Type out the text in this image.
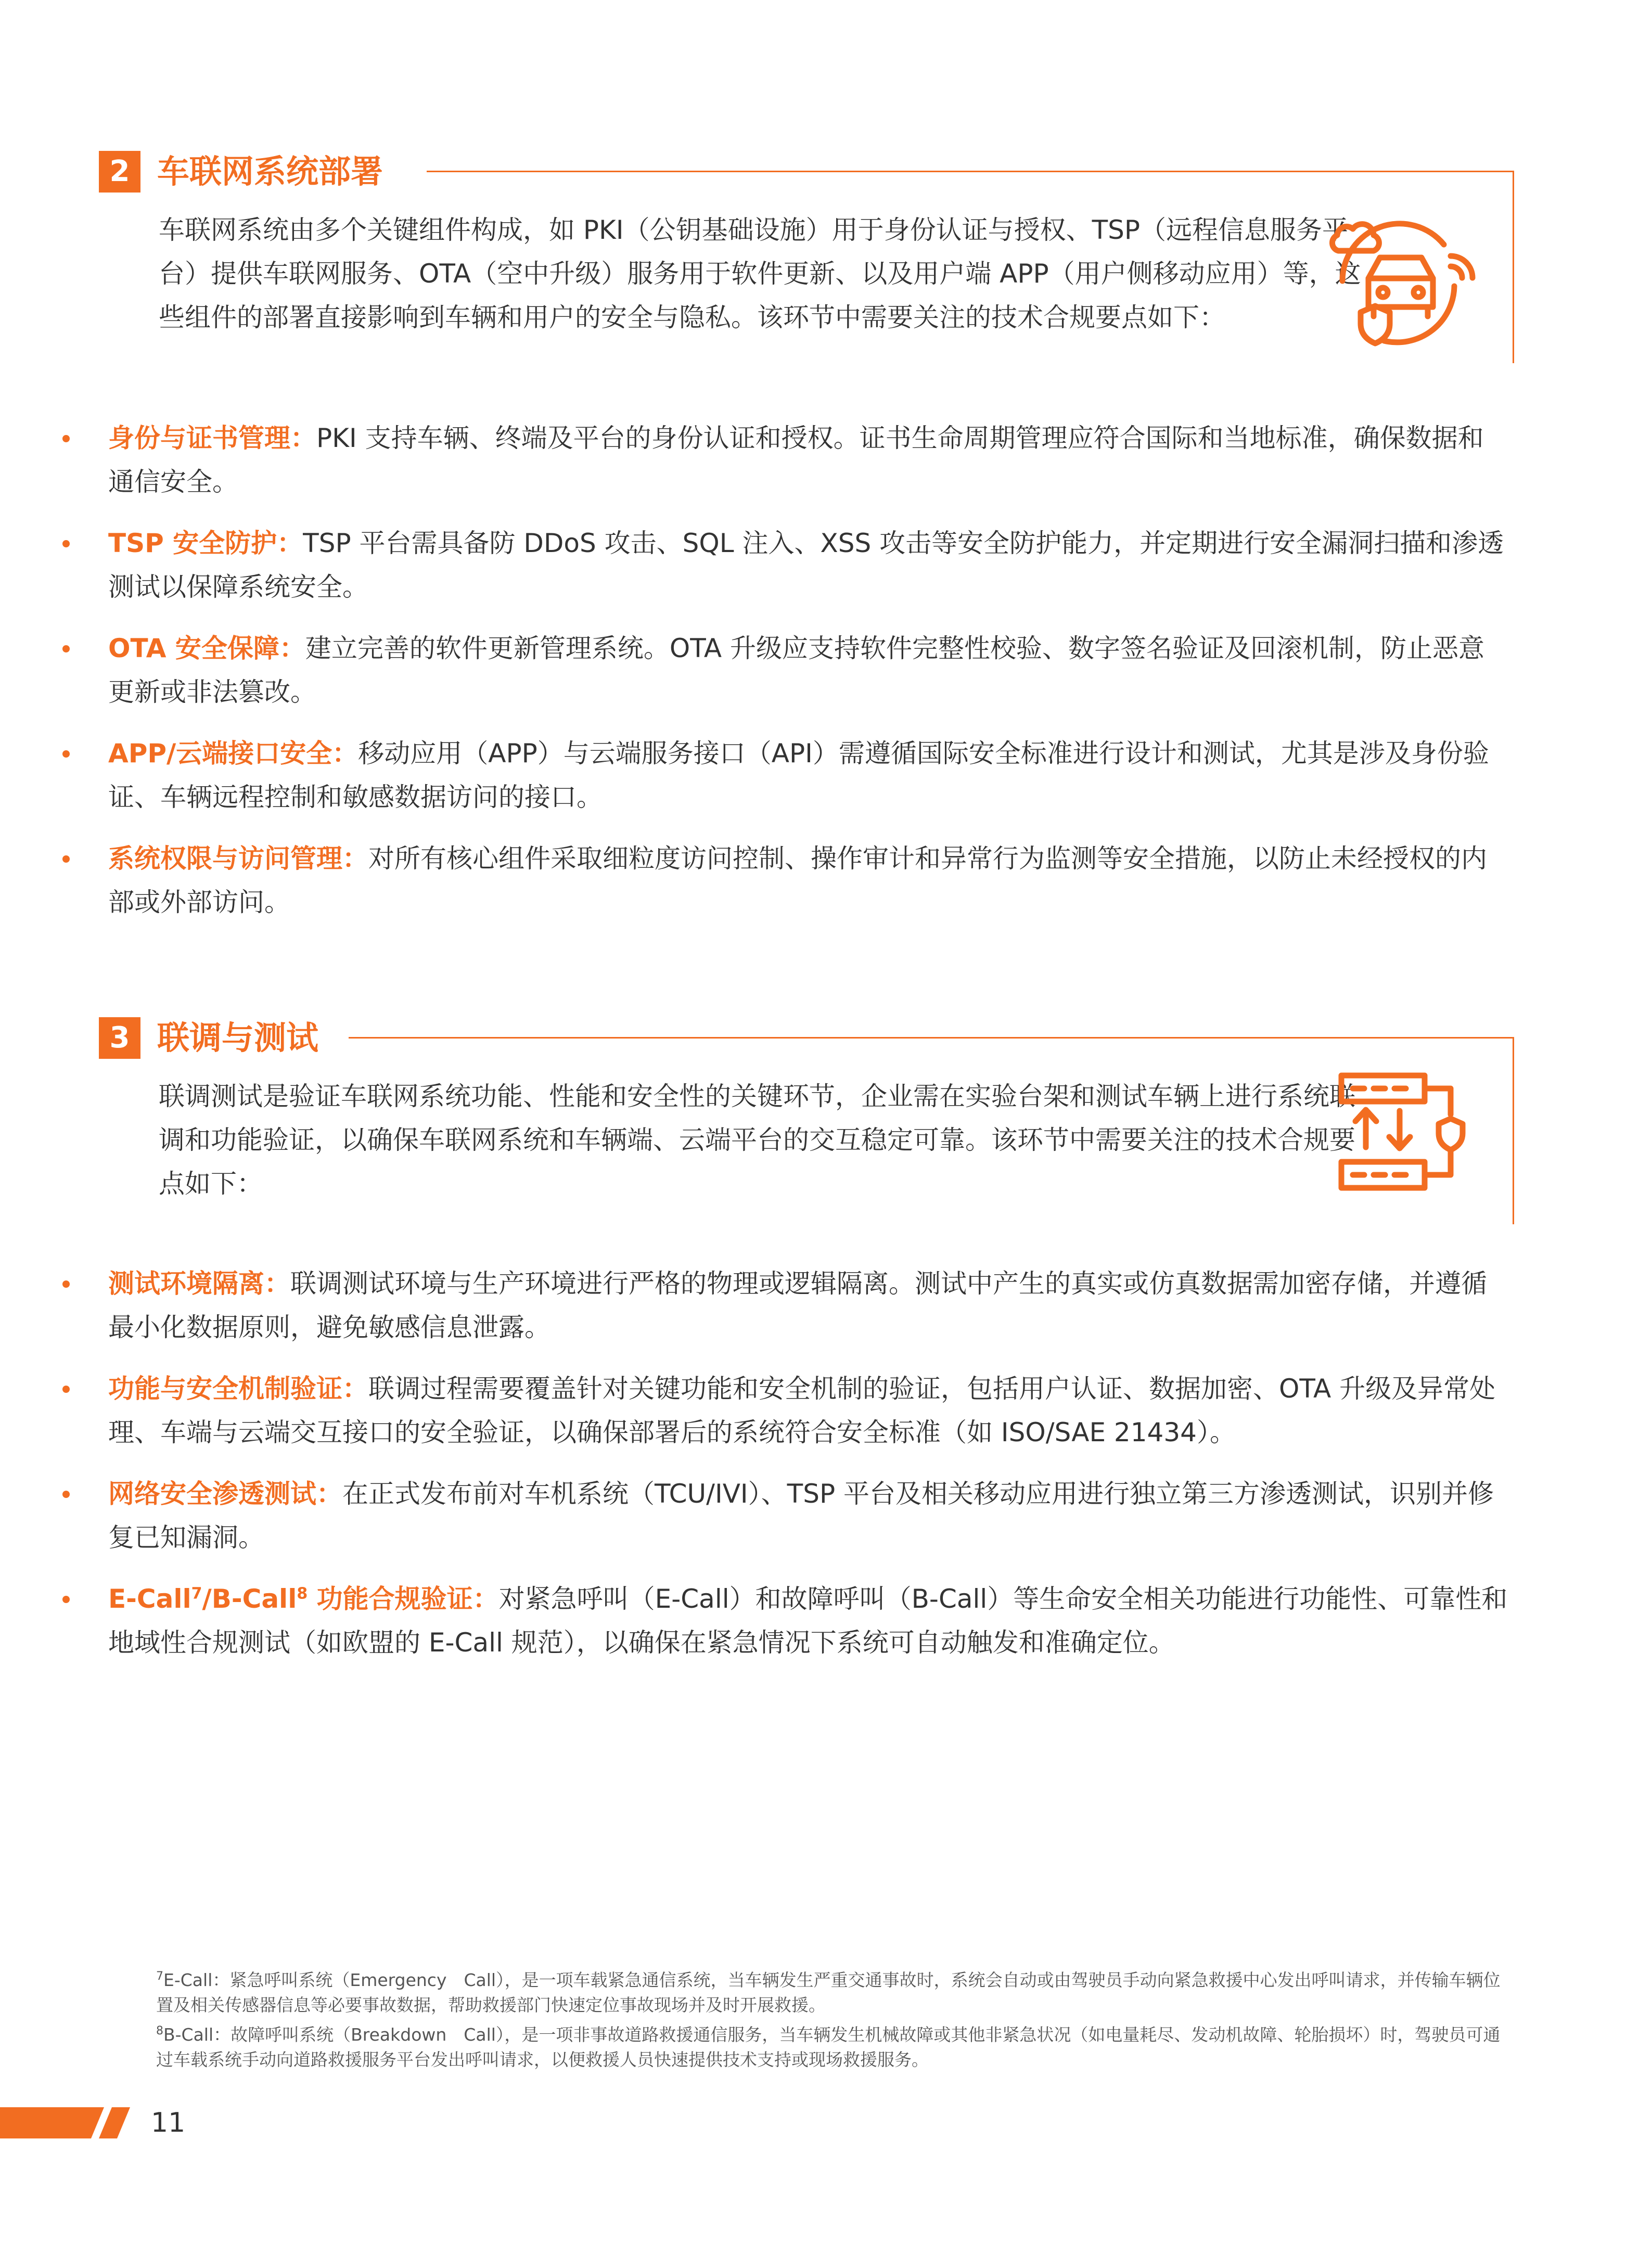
2 车联网系统部署
车联网系统由多个关键组件构成，如 PKI（公钥基础设施）用于身份认证与授权、TSP（远程信息服务平台）提供车联网服务、OTA（空中升级）服务用于软件更新、以及用户端 APP（用户侧移动应用）等，这些组件的部署直接影响到车辆和用户的安全与隐私。该环节中需要关注的技术合规要点如下：
身份与证书管理：PKI 支持车辆、终端及平台的身份认证和授权。证书生命周期管理应符合国际和当地标准，确保数据和通信安全。
TSP 安全防护：TSP 平台需具备防 DDoS 攻击、SQL 注入、XSS 攻击等安全防护能力，并定期进行安全漏洞扫描和渗透测试以保障系统安全。
OTA 安全保障：建立完善的软件更新管理系统。OTA 升级应支持软件完整性校验、数字签名验证及回滚机制，防止恶意更新或非法篡改。
APP/云端接口安全：移动应用（APP）与云端服务接口（API）需遵循国际安全标准进行设计和测试，尤其是涉及身份验证、车辆远程控制和敏感数据访问的接口。
系统权限与访问管理：对所有核心组件采取细粒度访问控制、操作审计和异常行为监测等安全措施，以防止未经授权的内部或外部访问。
3 联调与测试
联调测试是验证车联网系统功能、性能和安全性的关键环节，企业需在实验台架和测试车辆上进行系统联调和功能验证，以确保车联网系统和车辆端、云端平台的交互稳定可靠。该环节中需要关注的技术合规要点如下：
测试环境隔离：联调测试环境与生产环境进行严格的物理或逻辑隔离。测试中产生的真实或仿真数据需加密存储，并遵循最小化数据原则，避免敏感信息泄露。
功能与安全机制验证：联调过程需要覆盖针对关键功能和安全机制的验证，包括用户认证、数据加密、OTA 升级及异常处理、车端与云端交互接口的安全验证，以确保部署后的系统符合安全标准（如 ISO/SAE 21434）。
网络安全渗透测试：在正式发布前对车机系统（TCU/IVI）、TSP 平台及相关移动应用进行独立第三方渗透测试，识别并修复已知漏洞。
E-Call$^7$/B-Call$^8$ 功能合规验证：对紧急呼叫（E-Call）和故障呼叫（B-Call）等生命安全相关功能进行功能性、可靠性和地域性合规测试（如欧盟的 E-Call 规范），以确保在紧急情况下系统可自动触发和准确定位。

$^7$E-Call：紧急呼叫系统（Emergency　Call），是一项车载紧急通信系统，当车辆发生严重交通事故时，系统会自动或由驾驶员手动向紧急救援中心发出呼叫请求，并传输车辆位置及相关传感器信息等必要事故数据，帮助救援部门快速定位事故现场并及时开展救援。

$^8$B-Call：故障呼叫系统（Breakdown　Call），是一项非事故道路救援通信服务，当车辆发生机械故障或其他非紧急状况（如电量耗尽、发动机故障、轮胎损坏）时，驾驶员可通过车载系统手动向道路救援服务平台发出呼叫请求，以便救援人员快速提供技术支持或现场救援服务。

11
